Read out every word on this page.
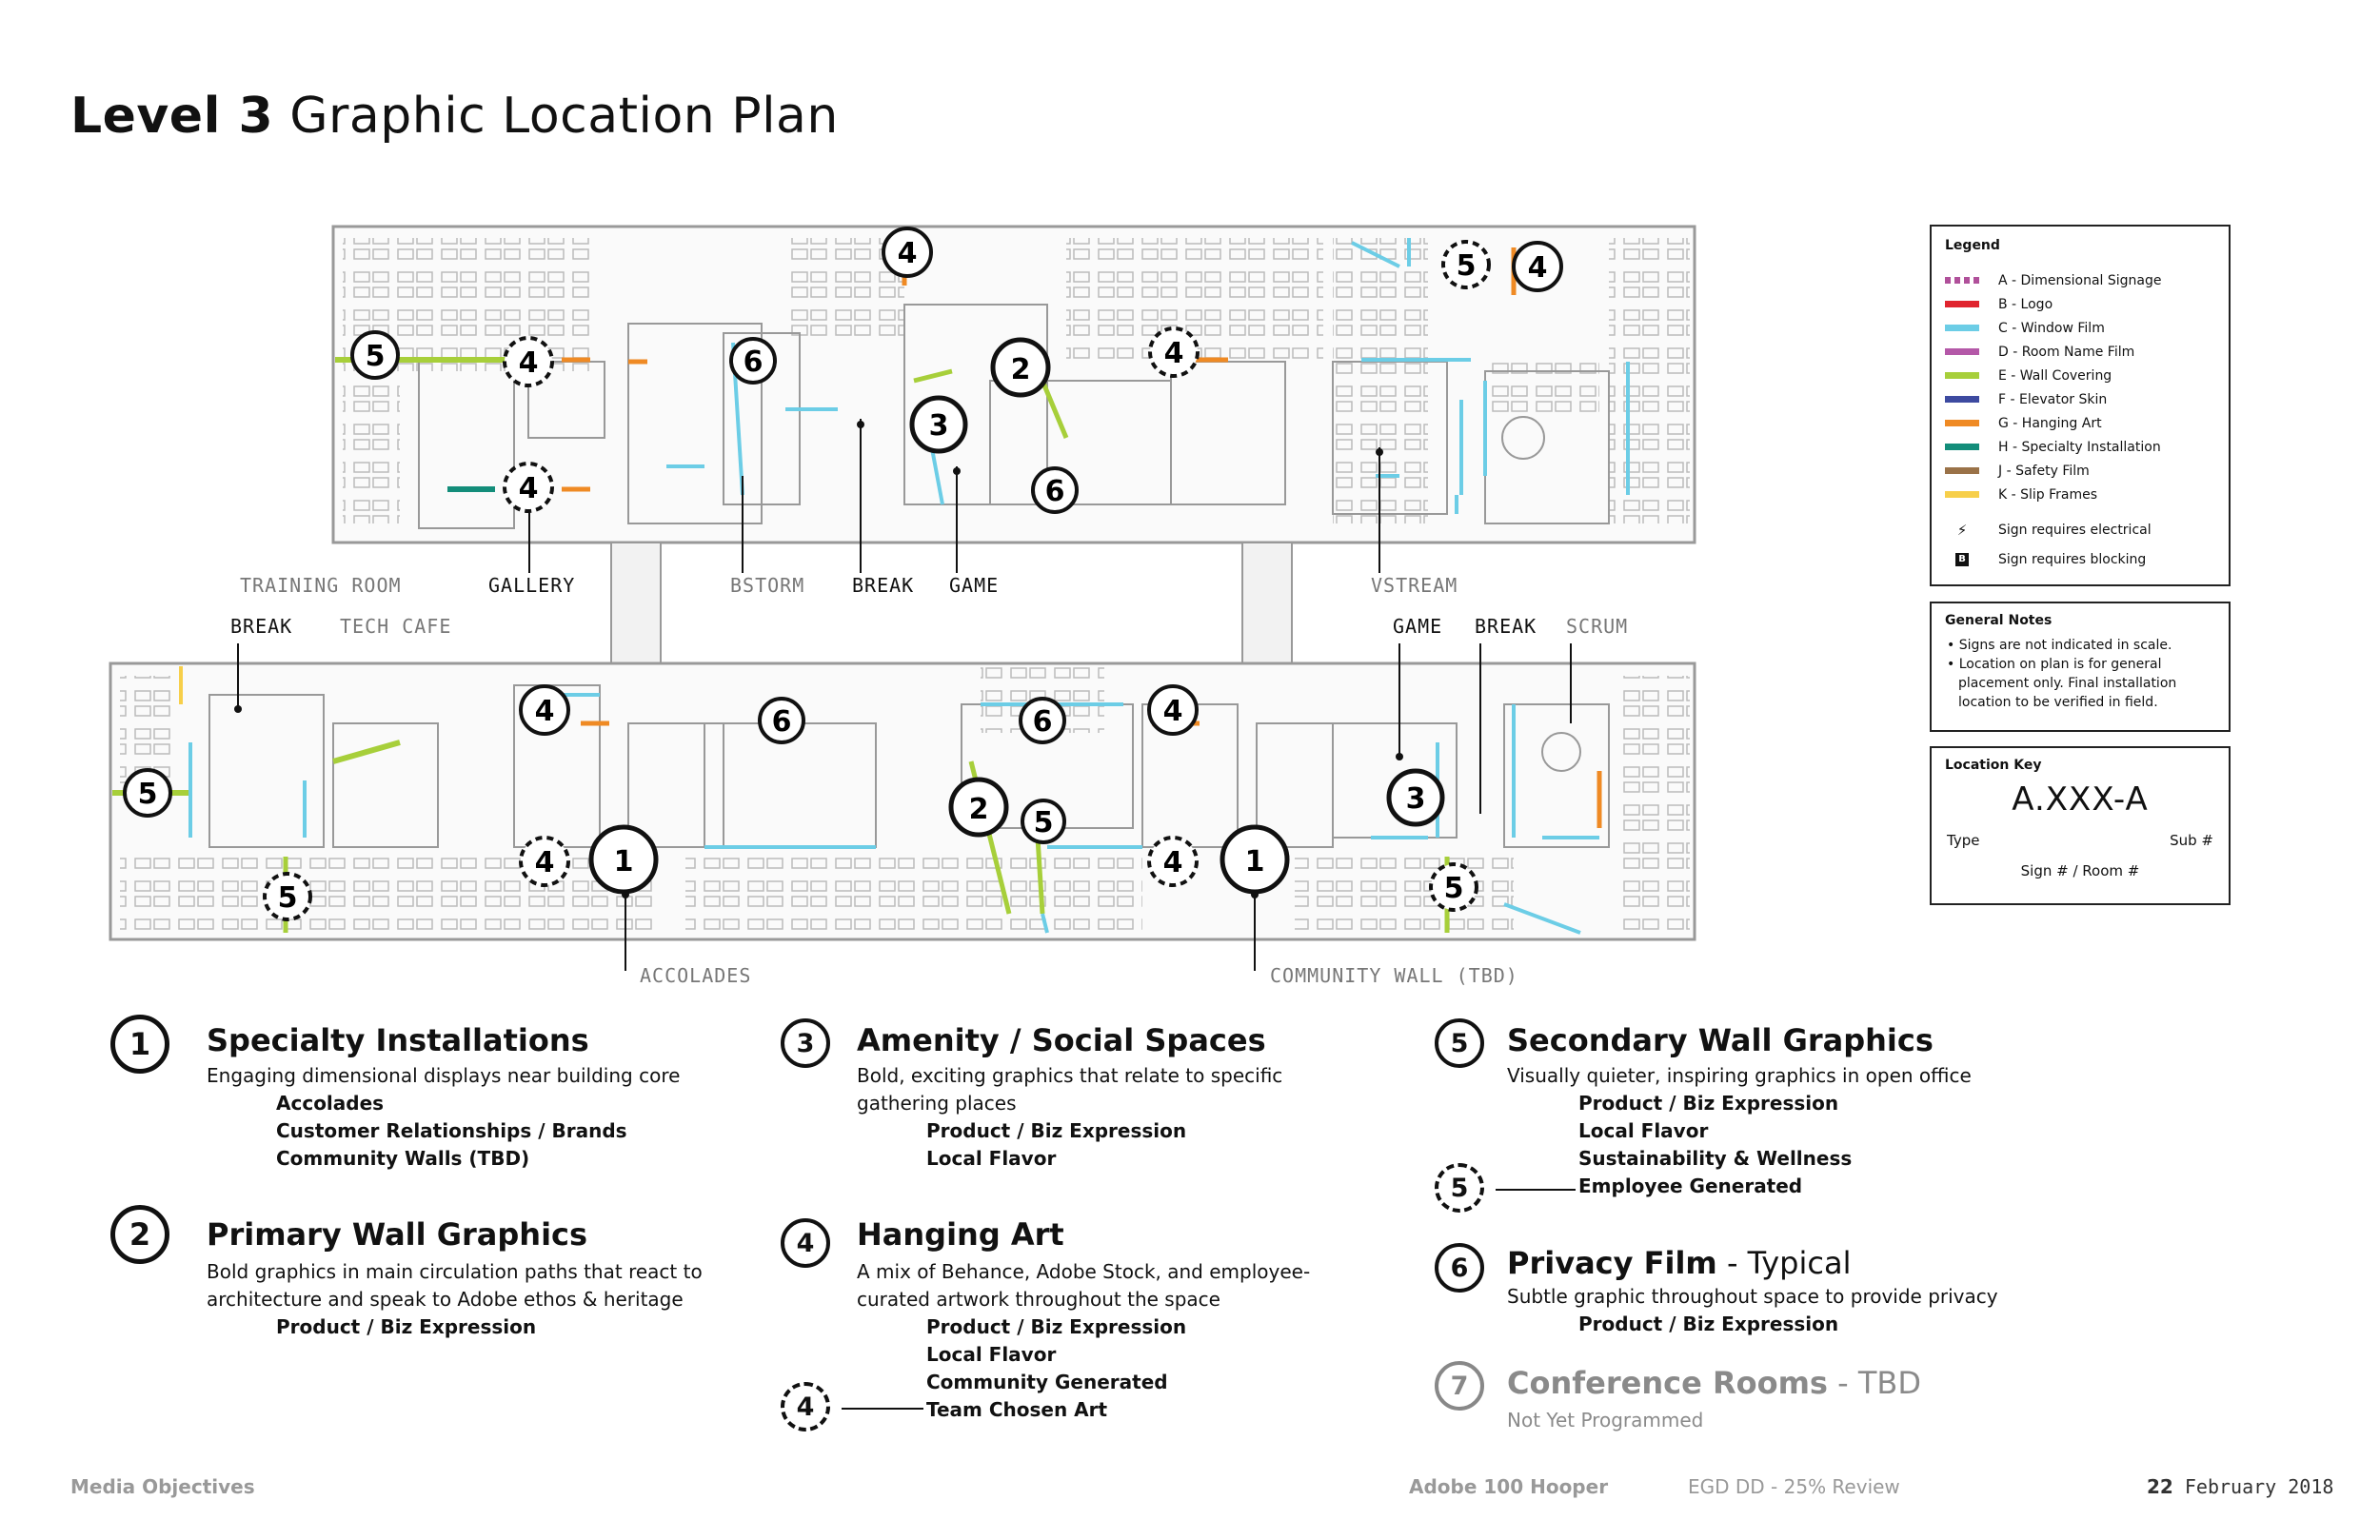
Level 3 Graphic Location Plan
4	5 4
5	4	6	2	4
3
4	6
4	6	6	4
5	2 5
3
4 1	4 1
5	5
TRAINING ROOM	GALLERY	BSTORM BREAK GAME	VSTREAM
BREAK TECH CAFE	GAME BREAK SCRUM
ACCOLADES	COMMUNITY WALL (TBD)
Legend
A - Dimensional Signage
B - Logo
C - Window Film
D - Room Name Film
E - Wall Covering
F - Elevator Skin
G - Hanging Art
H - Specialty Installation
J - Safety Film
K - Slip Frames
⚡	Sign requires electrical
B Sign requires blocking
General Notes
• Signs are not indicated in scale.
• Location on plan is for general
placement only. Final installation
location to be verified in field.
Location Key
A.XXX-A
Type	Sub #
Sign # / Room #
1	Specialty Installations
Engaging dimensional displays near building core
Accolades
Customer Relationships / Brands
Community Walls (TBD)
2	Primary Wall Graphics
Bold graphics in main circulation paths that react to
architecture and speak to Adobe ethos & heritage
Product / Biz Expression
3	Amenity / Social Spaces
Bold, exciting graphics that relate to specific
gathering places
Product / Biz Expression
Local Flavor
4	Hanging Art
A mix of Behance, Adobe Stock, and employee-
curated artwork throughout the space
Product / Biz Expression
Local Flavor
Community Generated
Team Chosen Art
4
5	Secondary Wall Graphics
Visually quieter, inspiring graphics in open office
Product / Biz Expression
Local Flavor
Sustainability & Wellness
Employee Generated
5
6	Privacy Film - Typical
Subtle graphic throughout space to provide privacy
Product / Biz Expression
7	Conference Rooms - TBD
Not Yet Programmed
Media Objectives	Adobe 100 Hooper	EGD DD - 25% Review	22 February 2018
